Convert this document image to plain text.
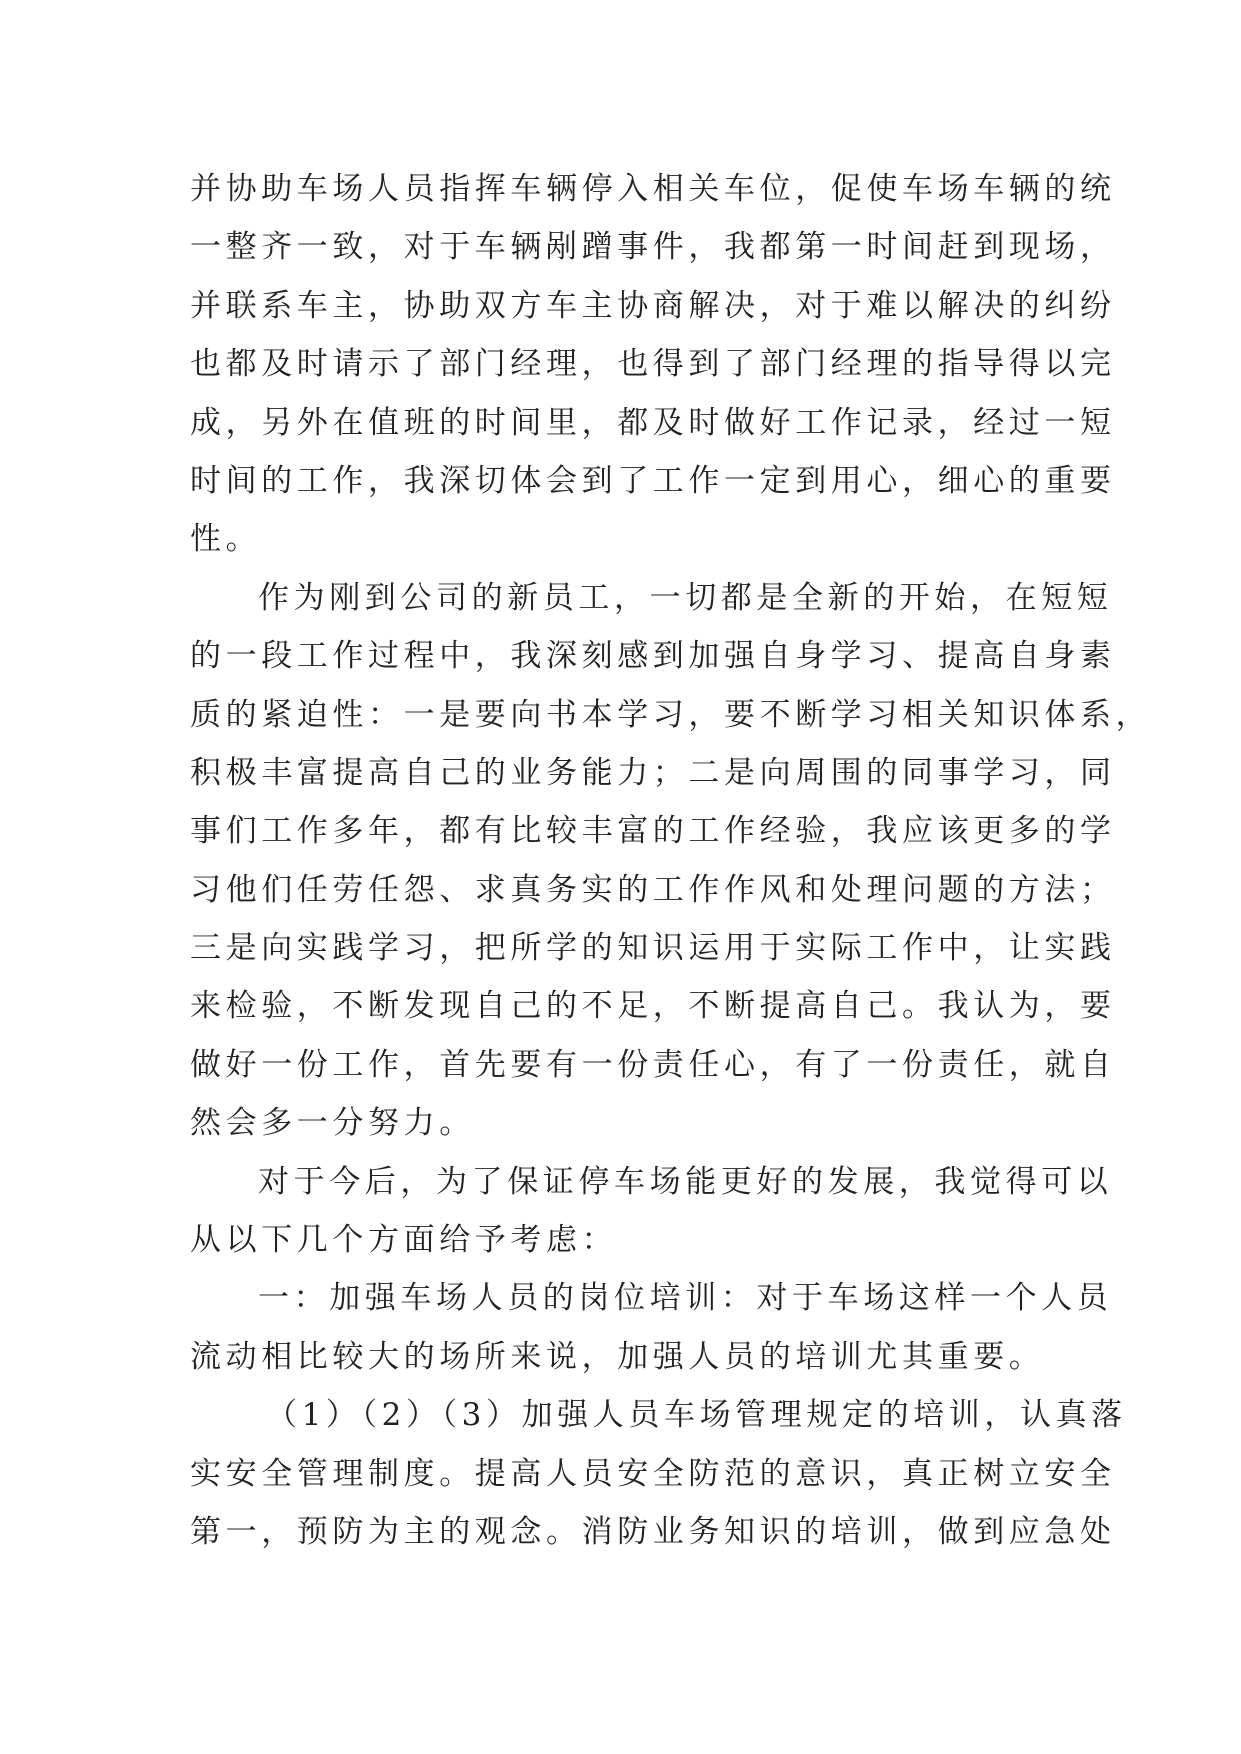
并协助车场人员指挥车辆停入相关车位，促使车场车辆的统
一整齐一致，对于车辆剐蹭事件，我都第一时间赶到现场，
并联系车主，协助双方车主协商解决，对于难以解决的纠纷
也都及时请示了部门经理，也得到了部门经理的指导得以完
成，另外在值班的时间里，都及时做好工作记录，经过一短
时间的工作，我深切体会到了工作一定到用心，细心的重要
性。
作为刚到公司的新员工，一切都是全新的开始，在短短
的一段工作过程中，我深刻感到加强自身学习、提高自身素
质的紧迫性：一是要向书本学习，要不断学习相关知识体系，
积极丰富提高自己的业务能力；二是向周围的同事学习，同
事们工作多年，都有比较丰富的工作经验，我应该更多的学
习他们任劳任怨、求真务实的工作作风和处理问题的方法；
三是向实践学习，把所学的知识运用于实际工作中，让实践
来检验，不断发现自己的不足，不断提高自己。我认为，要
做好一份工作，首先要有一份责任心，有了一份责任，就自
然会多一分努力。
对于今后，为了保证停车场能更好的发展，我觉得可以
从以下几个方面给予考虑：
一：加强车场人员的岗位培训：对于车场这样一个人员
流动相比较大的场所来说，加强人员的培训尤其重要。
（1）（2）（3）加强人员车场管理规定的培训，认真落
实安全管理制度。提高人员安全防范的意识，真正树立安全
第一，预防为主的观念。消防业务知识的培训，做到应急处
